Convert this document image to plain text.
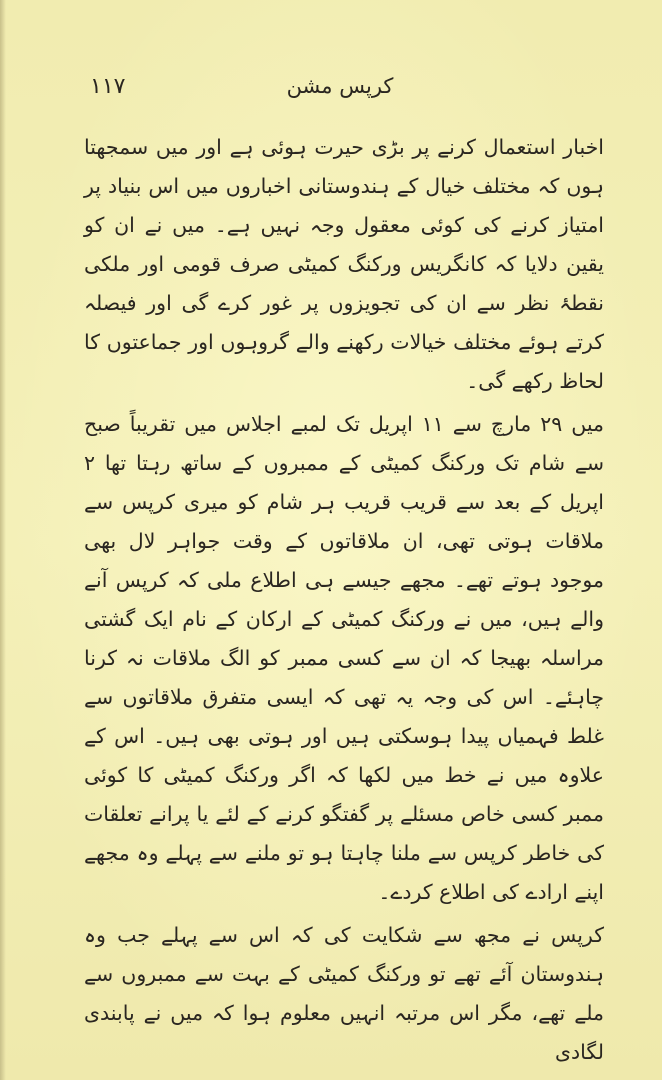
١١٧	کرپس مشن

اخبار استعمال کرنے پر بڑی حیرت ہوئی ہے اور میں سمجھتا ہوں کہ مختلف خیال کے ہندوستانی اخباروں میں اس بنیاد پر امتیاز کرنے کی کوئی معقول وجہ نہیں ہے۔ میں نے ان کو یقین دلایا کہ کانگریس ورکنگ کمیٹی صرف قومی اور ملکی نقطۂ نظر سے ان کی تجویزوں پر غور کرے گی اور فیصلہ کرتے ہوئے مختلف خیالات رکھنے والے گروہوں اور جماعتوں کا لحاظ رکھے گی۔

میں ۲۹ مارچ سے ۱۱ اپریل تک لمبے اجلاس میں تقریباً صبح سے شام تک ورکنگ کمیٹی کے ممبروں کے ساتھ رہتا تھا ۲ اپریل کے بعد سے قریب قریب ہر شام کو میری کرپس سے ملاقات ہوتی تھی، ان ملاقاتوں کے وقت جواہر لال بھی موجود ہوتے تھے۔ مجھے جیسے ہی اطلاع ملی کہ کرپس آنے والے ہیں، میں نے ورکنگ کمیٹی کے ارکان کے نام ایک گشتی مراسلہ بھیجا کہ ان سے کسی ممبر کو الگ ملاقات نہ کرنا چاہئے۔ اس کی وجہ یہ تھی کہ ایسی متفرق ملاقاتوں سے غلط فہمیاں پیدا ہوسکتی ہیں اور ہوتی بھی ہیں۔ اس کے علاوہ میں نے خط میں لکھا کہ اگر ورکنگ کمیٹی کا کوئی ممبر کسی خاص مسئلے پر گفتگو کرنے کے لئے یا پرانے تعلقات کی خاطر کرپس سے ملنا چاہتا ہو تو ملنے سے پہلے وہ مجھے اپنے ارادے کی اطلاع کردے۔

کرپس نے مجھ سے شکایت کی کہ اس سے پہلے جب وہ ہندوستان آئے تھے تو ورکنگ کمیٹی کے بہت سے ممبروں سے ملے تھے، مگر اس مرتبہ انہیں معلوم ہوا کہ میں نے پابندی لگادی
